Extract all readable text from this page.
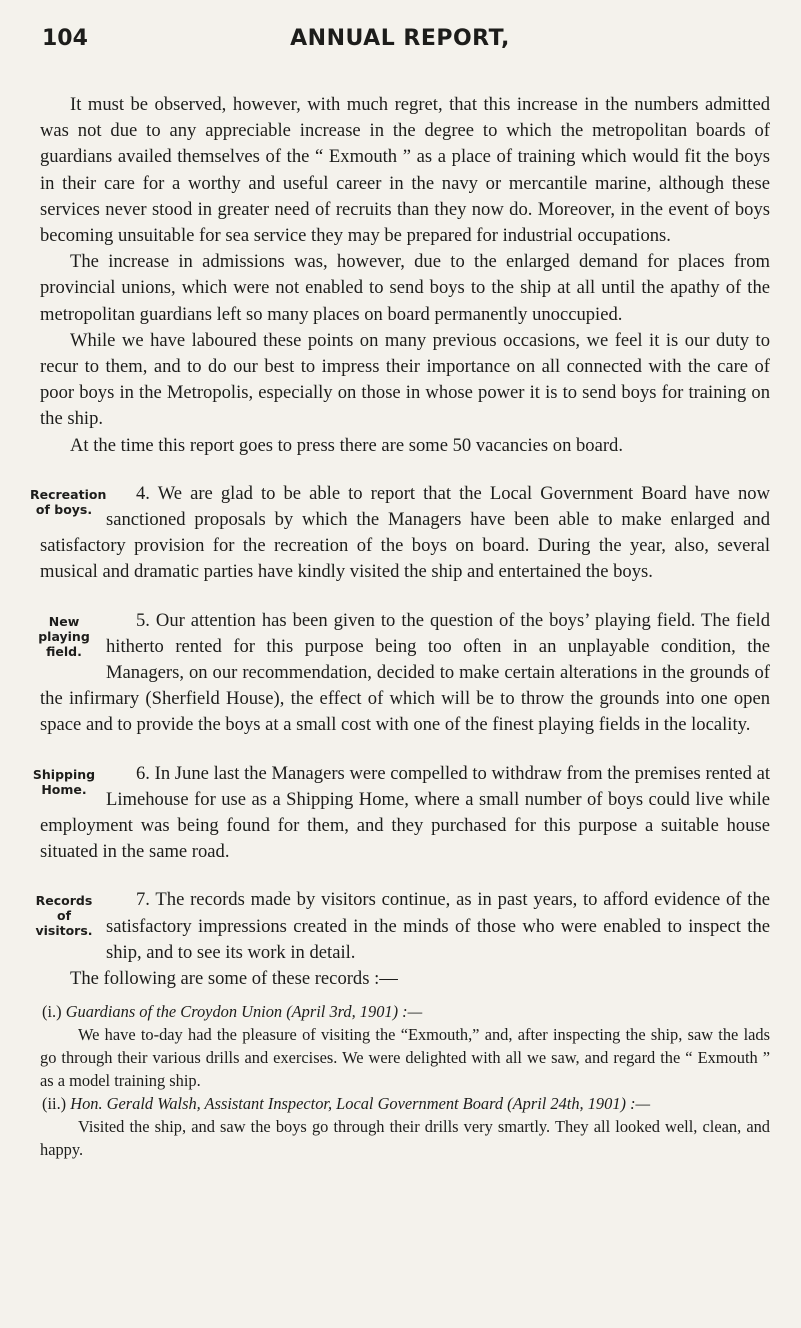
104	ANNUAL REPORT,

It must be observed, however, with much regret, that this increase in the numbers admitted was not due to any appreciable increase in the degree to which the metropolitan boards of guardians availed themselves of the “ Exmouth ” as a place of training which would fit the boys in their care for a worthy and useful career in the navy or mercantile marine, although these services never stood in greater need of recruits than they now do. Moreover, in the event of boys becoming unsuitable for sea service they may be prepared for industrial occupations.

The increase in admissions was, however, due to the enlarged demand for places from provincial unions, which were not enabled to send boys to the ship at all until the apathy of the metropolitan guardians left so many places on board permanently unoccupied.

While we have laboured these points on many previous occasions, we feel it is our duty to recur to them, and to do our best to impress their importance on all connected with the care of poor boys in the Metropolis, especially on those in whose power it is to send boys for training on the ship.

At the time this report goes to press there are some 50 vacancies on board.

Recreation of boys.

4. We are glad to be able to report that the Local Government Board have now sanctioned proposals by which the Managers have been able to make enlarged and satisfactory provision for the recreation of the boys on board. During the year, also, several musical and dramatic parties have kindly visited the ship and entertained the boys.

New playing field.

5. Our attention has been given to the question of the boys’ playing field. The field hitherto rented for this purpose being too often in an unplayable condition, the Managers, on our recommendation, decided to make certain alterations in the grounds of the infirmary (Sherfield House), the effect of which will be to throw the grounds into one open space and to provide the boys at a small cost with one of the finest playing fields in the locality.

Shipping Home.

6. In June last the Managers were compelled to withdraw from the premises rented at Limehouse for use as a Shipping Home, where a small number of boys could live while employment was being found for them, and they purchased for this purpose a suitable house situated in the same road.

Records of visitors.

7. The records made by visitors continue, as in past years, to afford evidence of the satisfactory impressions created in the minds of those who were enabled to inspect the ship, and to see its work in detail.

The following are some of these records :—

(i.) Guardians of the Croydon Union (April 3rd, 1901) :—

We have to-day had the pleasure of visiting the “Exmouth,” and, after inspecting the ship, saw the lads go through their various drills and exercises. We were delighted with all we saw, and regard the “ Exmouth ” as a model training ship.

(ii.) Hon. Gerald Walsh, Assistant Inspector, Local Government Board (April 24th, 1901) :—

Visited the ship, and saw the boys go through their drills very smartly. They all looked well, clean, and happy.
